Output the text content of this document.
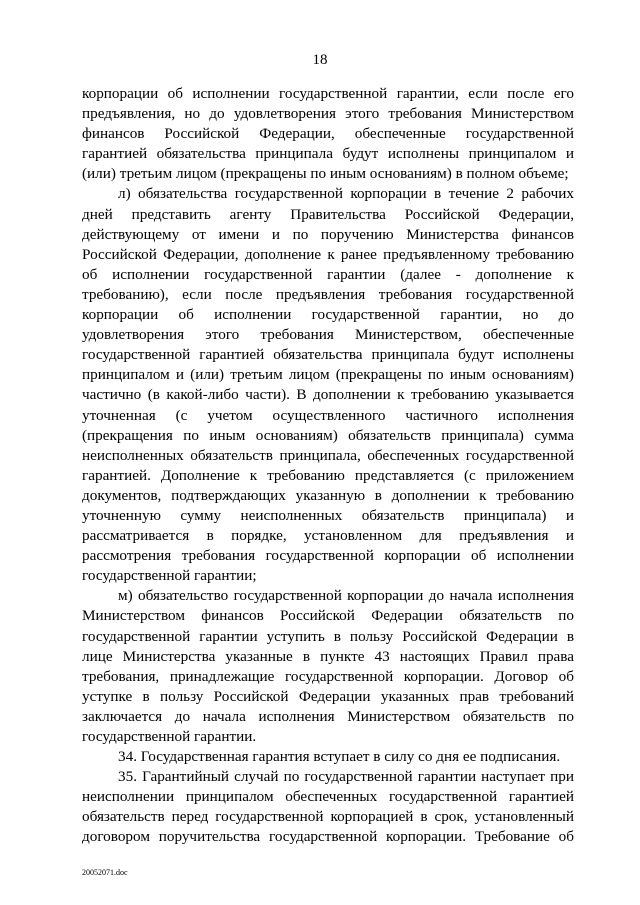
18
корпорации об исполнении государственной гарантии, если после его
предъявления, но до удовлетворения этого требования Министерством
финансов Российской Федерации, обеспеченные государственной
гарантией обязательства принципала будут исполнены принципалом и
(или) третьим лицом (прекращены по иным основаниям) в полном объеме;
л) обязательства государственной корпорации в течение 2 рабочих
дней представить агенту Правительства Российской Федерации,
действующему от имени и по поручению Министерства финансов
Российской Федерации, дополнение к ранее предъявленному требованию
об исполнении государственной гарантии (далее - дополнение к
требованию), если после предъявления требования государственной
корпорации об исполнении государственной гарантии, но до
удовлетворения этого требования Министерством, обеспеченные
государственной гарантией обязательства принципала будут исполнены
принципалом и (или) третьим лицом (прекращены по иным основаниям)
частично (в какой-либо части). В дополнении к требованию указывается
уточненная (с учетом осуществленного частичного исполнения
(прекращения по иным основаниям) обязательств принципала) сумма
неисполненных обязательств принципала, обеспеченных государственной
гарантией. Дополнение к требованию представляется (с приложением
документов, подтверждающих указанную в дополнении к требованию
уточненную сумму неисполненных обязательств принципала) и
рассматривается в порядке, установленном для предъявления и
рассмотрения требования государственной корпорации об исполнении
государственной гарантии;
м) обязательство государственной корпорации до начала исполнения
Министерством финансов Российской Федерации обязательств по
государственной гарантии уступить в пользу Российской Федерации в
лице Министерства указанные в пункте 43 настоящих Правил права
требования, принадлежащие государственной корпорации. Договор об
уступке в пользу Российской Федерации указанных прав требований
заключается до начала исполнения Министерством обязательств по
государственной гарантии.
34. Государственная гарантия вступает в силу со дня ее подписания.
35. Гарантийный случай по государственной гарантии наступает при
неисполнении принципалом обеспеченных государственной гарантией
обязательств перед государственной корпорацией в срок, установленный
договором поручительства государственной корпорации. Требование об
20052071.doc
